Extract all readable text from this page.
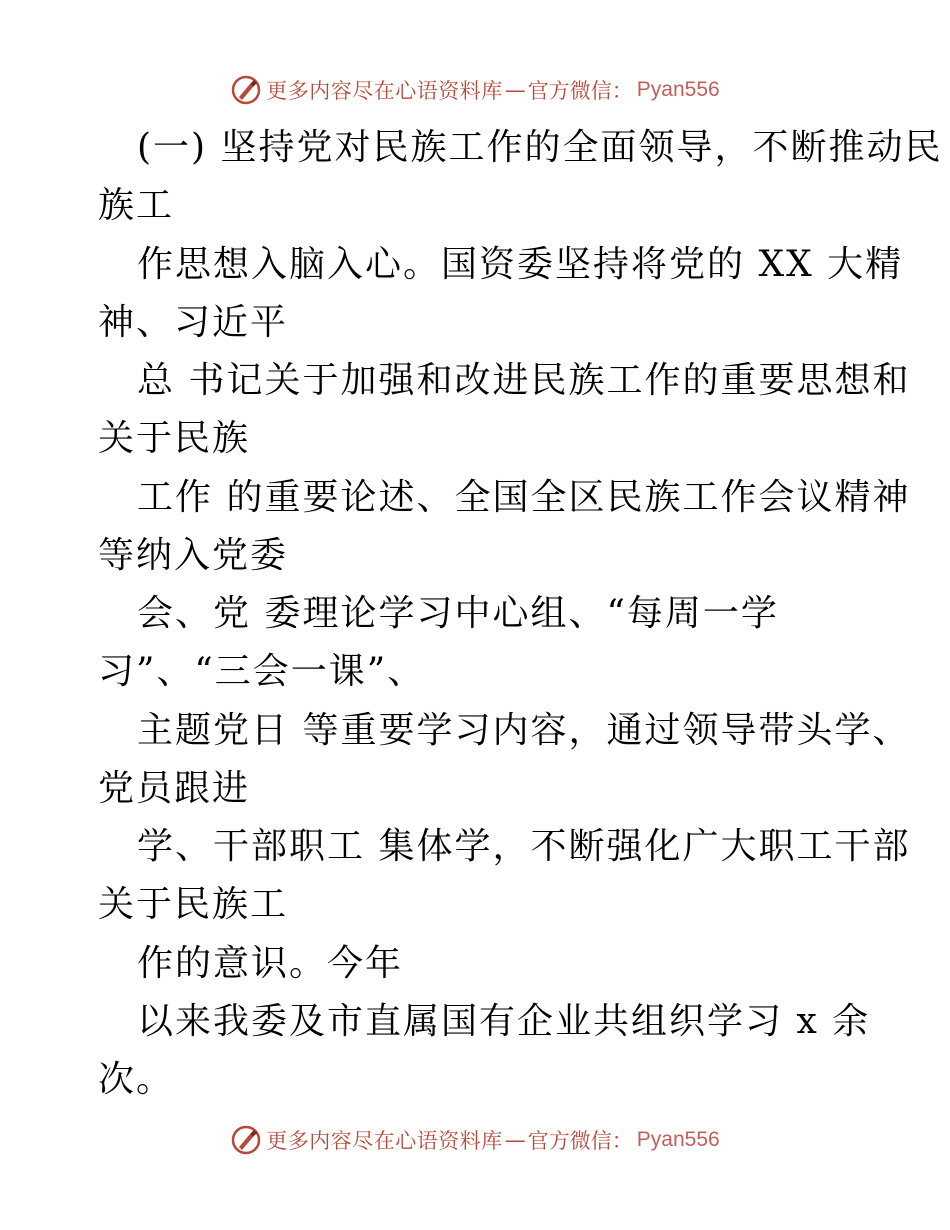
更多内容尽在心语资料库 — 官方微信： Pyan556
(一) 坚持党对民族工作的全面领导，不断推动民
族工
作思想入脑入心。国资委坚持将党的 XX 大精
神、习近平
总 书记关于加强和改进民族工作的重要思想和
关于民族
工作 的重要论述、全国全区民族工作会议精神
等纳入党委
会、党 委理论学习中心组、“每周一学
习”、“三会一课”、
主题党日 等重要学习内容，通过领导带头学、
党员跟进
学、干部职工 集体学，不断强化广大职工干部
关于民族工
作的意识。今年
以来我委及市直属国有企业共组织学习 x 余
次。
更多内容尽在心语资料库 — 官方微信： Pyan556
